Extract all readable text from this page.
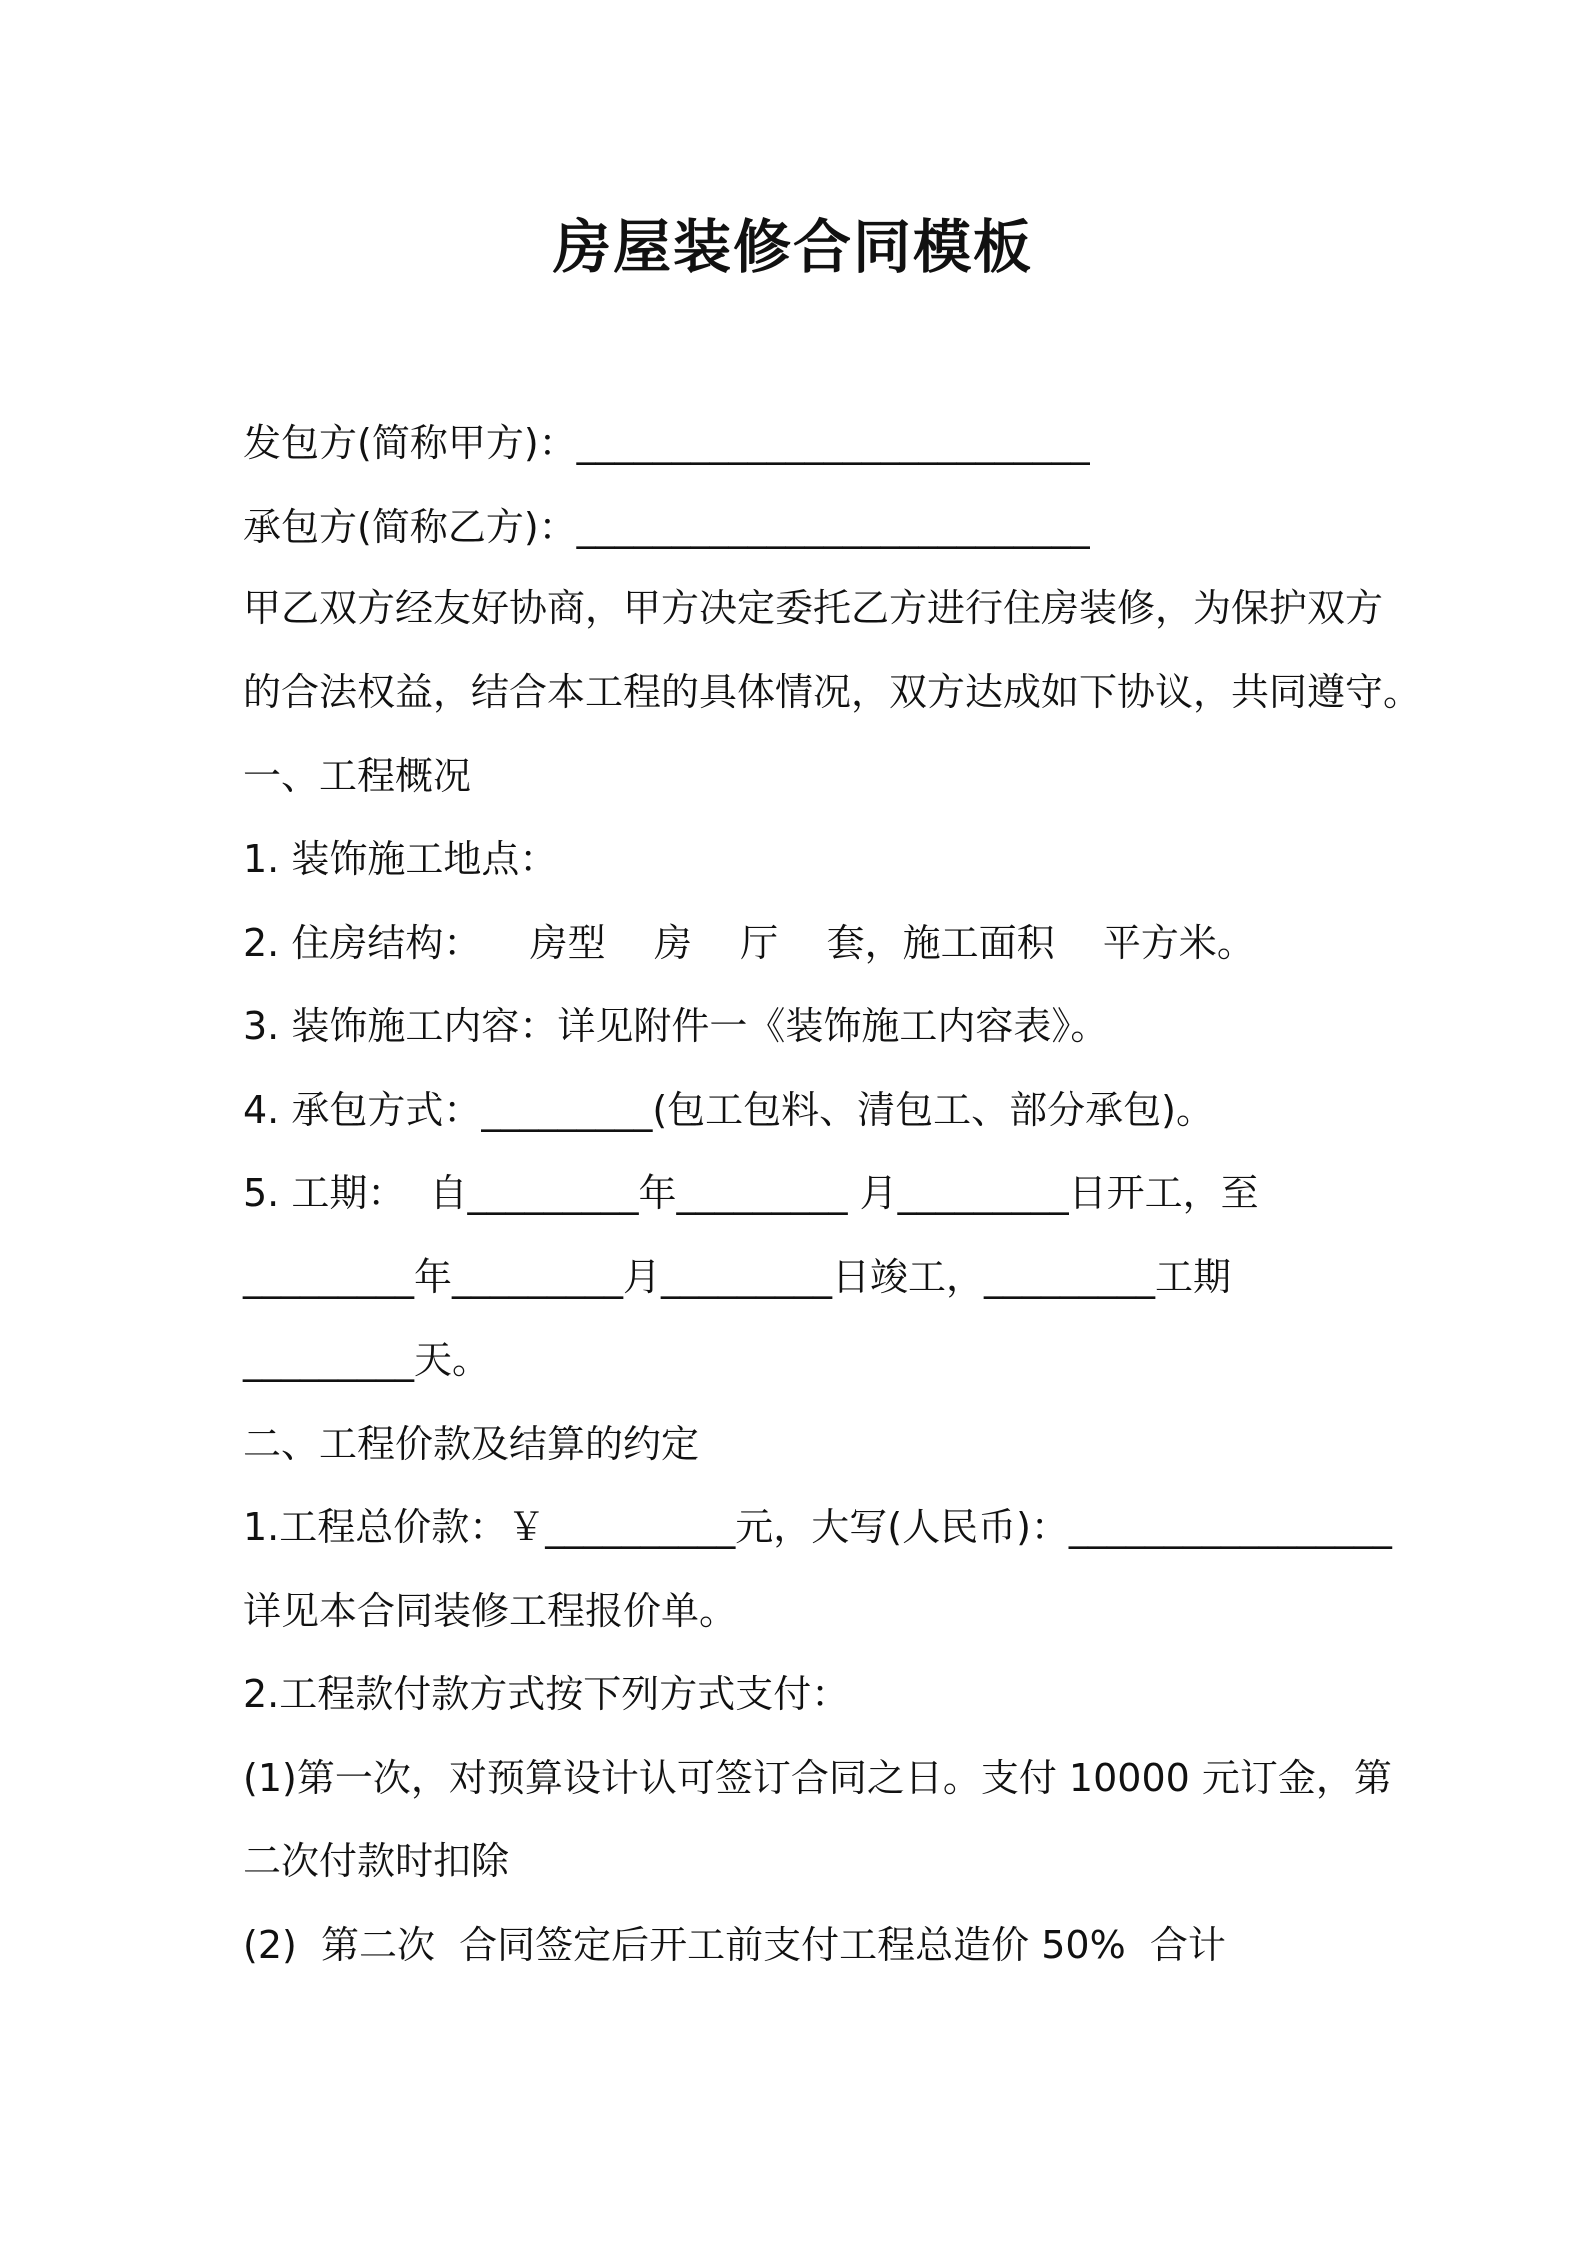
房屋装修合同模板

发包方(简称甲方)：___________________________

承包方(简称乙方)：___________________________

甲乙双方经友好协商，甲方决定委托乙方进行住房装修，为保护双方

的合法权益，结合本工程的具体情况，双方达成如下协议，共同遵守。

一、工程概况

1. 装饰施工地点：

2. 住房结构：    房型    房    厅    套，施工面积    平方米。

3. 装饰施工内容：详见附件一《装饰施工内容表》。

4. 承包方式：_________(包工包料、清包工、部分承包)。

5. 工期：  自_________年_________ 月_________日开工，至

_________年_________月_________日竣工，_________工期

_________天。

二、工程价款及结算的约定

1.工程总价款：￥__________元，大写(人民币)：_________________

详见本合同装修工程报价单。

2.工程款付款方式按下列方式支付：

(1)第一次，对预算设计认可签订合同之日。支付 10000 元订金，第

二次付款时扣除

(2)  第二次  合同签定后开工前支付工程总造价 50%  合计
